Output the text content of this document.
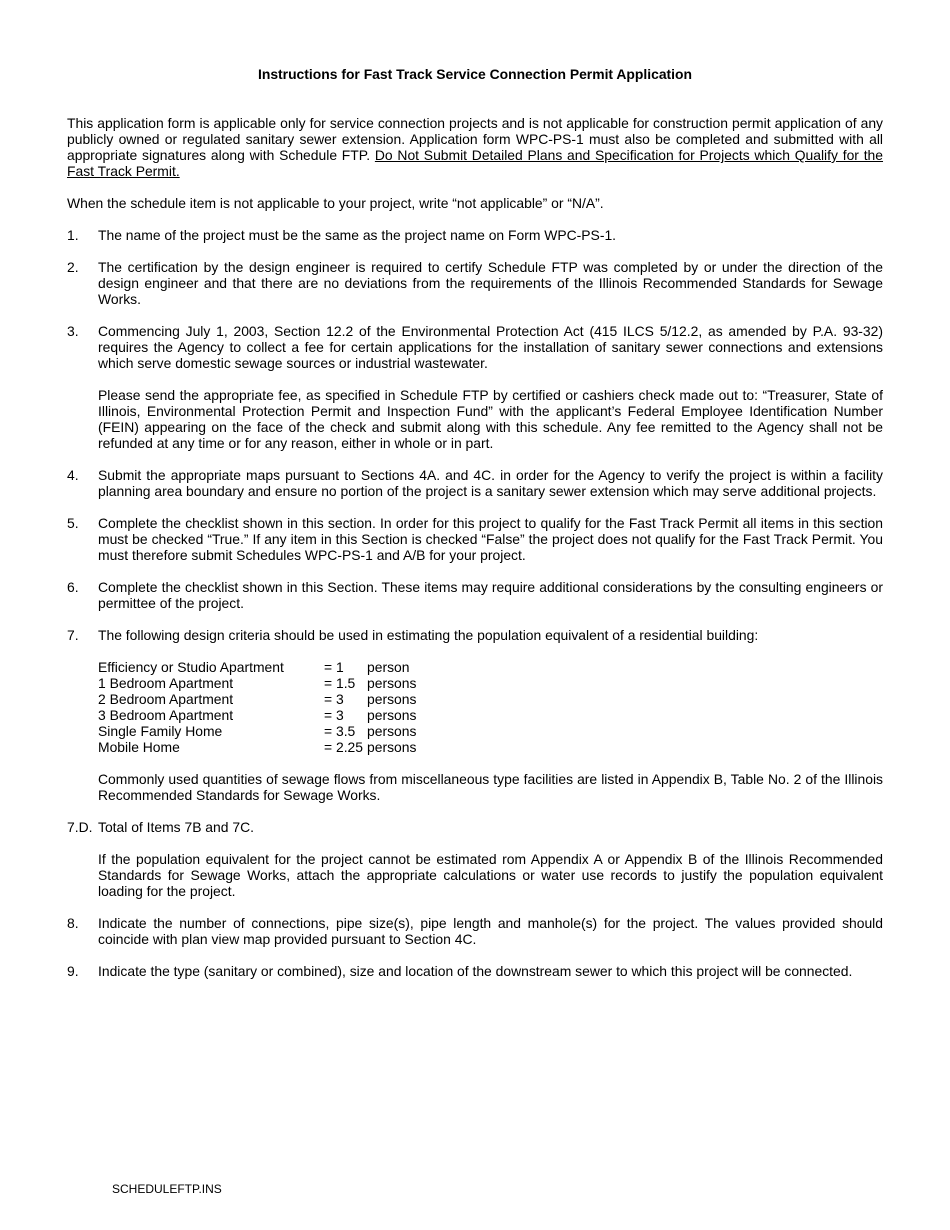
Instructions for Fast Track Service Connection Permit Application

This application form is applicable only for service connection projects and is not applicable for construction permit application of any publicly owned or regulated sanitary sewer extension. Application form WPC-PS-1 must also be completed and submitted with all appropriate signatures along with Schedule FTP. Do Not Submit Detailed Plans and Specification for Projects which Qualify for the Fast Track Permit.

When the schedule item is not applicable to your project, write “not applicable” or “N/A”.

1. The name of the project must be the same as the project name on Form WPC-PS-1.
2. The certification by the design engineer is required to certify Schedule FTP was completed by or under the direction of the design engineer and that there are no deviations from the requirements of the Illinois Recommended Standards for Sewage Works.
3. Commencing July 1, 2003, Section 12.2 of the Environmental Protection Act (415 ILCS 5/12.2, as amended by P.A. 93-32) requires the Agency to collect a fee for certain applications for the installation of sanitary sewer connections and extensions which serve domestic sewage sources or industrial wastewater.

Please send the appropriate fee, as specified in Schedule FTP by certified or cashiers check made out to: “Treasurer, State of Illinois, Environmental Protection Permit and Inspection Fund” with the applicant’s Federal Employee Identification Number (FEIN) appearing on the face of the check and submit along with this schedule. Any fee remitted to the Agency shall not be refunded at any time or for any reason, either in whole or in part.

4. Submit the appropriate maps pursuant to Sections 4A. and 4C. in order for the Agency to verify the project is within a facility planning area boundary and ensure no portion of the project is a sanitary sewer extension which may serve additional projects.
5. Complete the checklist shown in this section. In order for this project to qualify for the Fast Track Permit all items in this section must be checked “True.” If any item in this Section is checked “False” the project does not qualify for the Fast Track Permit. You must therefore submit Schedules WPC-PS-1 and A/B for your project.
6. Complete the checklist shown in this Section. These items may require additional considerations by the consulting engineers or permittee of the project.
7. The following design criteria should be used in estimating the population equivalent of a residential building:
Efficiency or Studio Apartment	= 1	person
1 Bedroom Apartment	= 1.5	persons
2 Bedroom Apartment	= 3	persons
3 Bedroom Apartment	= 3	persons
Single Family Home	= 3.5	persons
Mobile Home	= 2.25	persons

Commonly used quantities of sewage flows from miscellaneous type facilities are listed in Appendix B, Table No. 2 of the Illinois Recommended Standards for Sewage Works.

7.D. Total of Items 7B and 7C.

If the population equivalent for the project cannot be estimated rom Appendix A or Appendix B of the Illinois Recommended Standards for Sewage Works, attach the appropriate calculations or water use records to justify the population equivalent loading for the project.

8. Indicate the number of connections, pipe size(s), pipe length and manhole(s) for the project. The values provided should coincide with plan view map provided pursuant to Section 4C.
9. Indicate the type (sanitary or combined), size and location of the downstream sewer to which this project will be connected.
SCHEDULEFTP.INS
